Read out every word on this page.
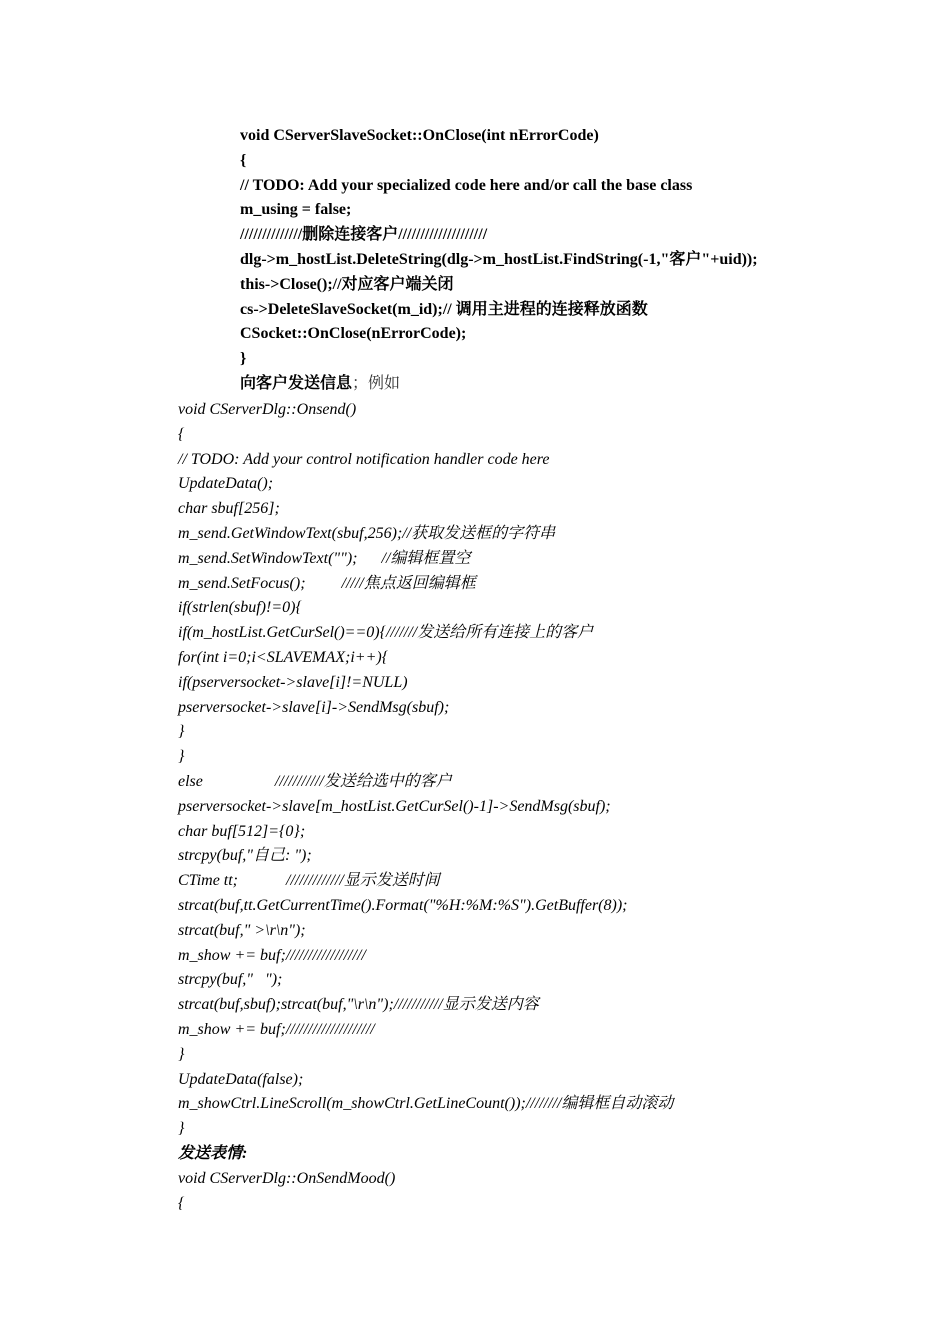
void CServerSlaveSocket::OnClose(int nErrorCode)
{
// TODO: Add your specialized code here and/or call the base class
m_using = false;
//////////////删除连接客户////////////////////
dlg->m_hostList.DeleteString(dlg->m_hostList.FindString(-1,"客户"+uid));
this->Close();//对应客户端关闭
cs->DeleteSlaveSocket(m_id);// 调用主进程的连接释放函数
CSocket::OnClose(nErrorCode);
}
向客户发送信息；例如
void CServerDlg::Onsend()
{
// TODO: Add your control notification handler code here
UpdateData();
char sbuf[256];
m_send.GetWindowText(sbuf,256);//获取发送框的字符串
m_send.SetWindowText("");      //编辑框置空
m_send.SetFocus();         /////焦点返回编辑框
if(strlen(sbuf)!=0){
if(m_hostList.GetCurSel()==0){///////发送给所有连接上的客户
for(int i=0;i<SLAVEMAX;i++){
if(pserversocket->slave[i]!=NULL)
pserversocket->slave[i]->SendMsg(sbuf);
}
}
else                  ///////////发送给选中的客户
pserversocket->slave[m_hostList.GetCurSel()-1]->SendMsg(sbuf);
char buf[512]={0};
strcpy(buf,"自己: ");
CTime tt;            /////////////显示发送时间
strcat(buf,tt.GetCurrentTime().Format("%H:%M:%S").GetBuffer(8));
strcat(buf," >\r\n");
m_show += buf;//////////////////
strcpy(buf,"   ");
strcat(buf,sbuf);strcat(buf,"\r\n");///////////显示发送内容
m_show += buf;////////////////////
}
UpdateData(false);
m_showCtrl.LineScroll(m_showCtrl.GetLineCount());////////编辑框自动滚动
}
发送表情:
void CServerDlg::OnSendMood()
{
